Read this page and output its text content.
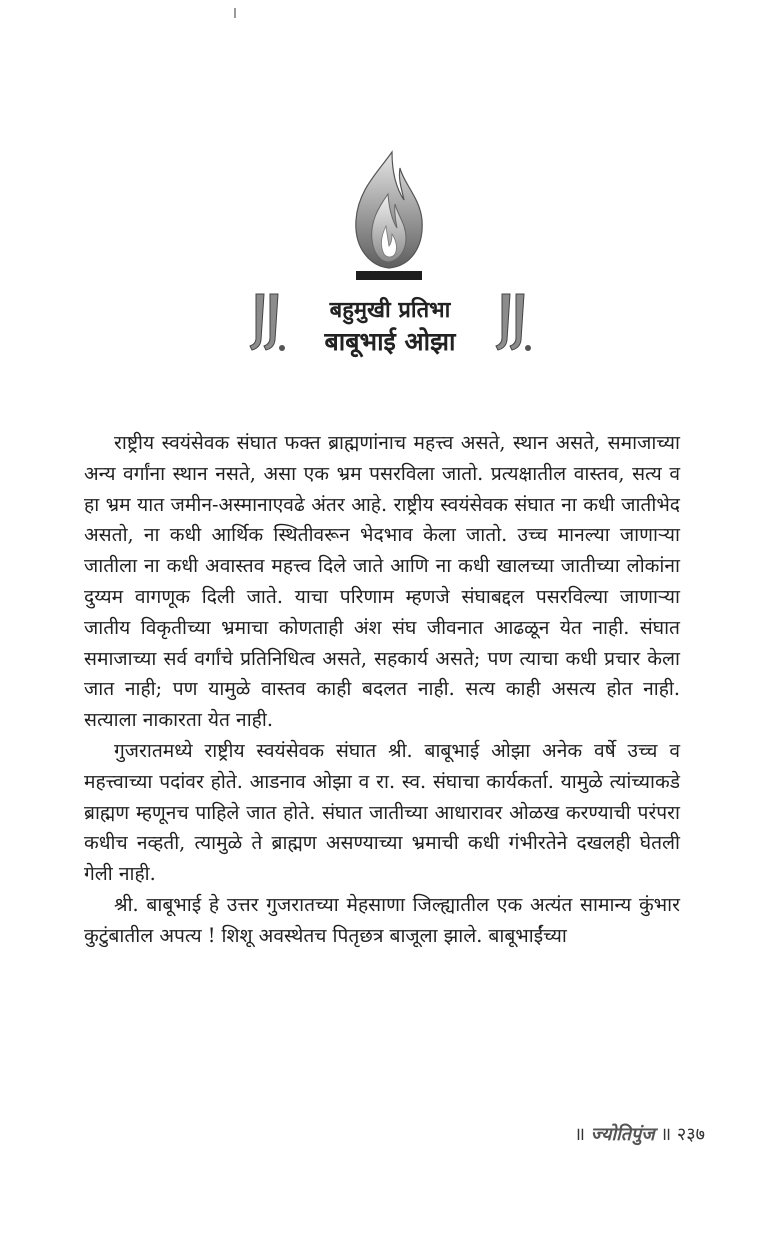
बहुमुखी प्रतिभा
बाबूभाई ओझा

राष्ट्रीय स्वयंसेवक संघात फक्त ब्राह्मणांनाच महत्त्व असते, स्थान असते, समाजाच्या अन्य वर्गांना स्थान नसते, असा एक भ्रम पसरविला जातो. प्रत्यक्षातील वास्तव, सत्य व हा भ्रम यात जमीन-अस्मानाएवढे अंतर आहे. राष्ट्रीय स्वयंसेवक संघात ना कधी जातीभेद असतो, ना कधी आर्थिक स्थितीवरून भेदभाव केला जातो. उच्च मानल्या जाणाऱ्या जातीला ना कधी अवास्तव महत्त्व दिले जाते आणि ना कधी खालच्या जातीच्या लोकांना दुय्यम वागणूक दिली जाते. याचा परिणाम म्हणजे संघाबद्दल पसरविल्या जाणाऱ्या जातीय विकृतीच्या भ्रमाचा कोणताही अंश संघ जीवनात आढळून येत नाही. संघात समाजाच्या सर्व वर्गांचे प्रतिनिधित्व असते, सहकार्य असते; पण त्याचा कधी प्रचार केला जात नाही; पण यामुळे वास्तव काही बदलत नाही. सत्य काही असत्य होत नाही. सत्याला नाकारता येत नाही.

गुजरातमध्ये राष्ट्रीय स्वयंसेवक संघात श्री. बाबूभाई ओझा अनेक वर्षे उच्च व महत्त्वाच्या पदांवर होते. आडनाव ओझा व रा. स्व. संघाचा कार्यकर्ता. यामुळे त्यांच्याकडे ब्राह्मण म्हणूनच पाहिले जात होते. संघात जातीच्या आधारावर ओळख करण्याची परंपरा कधीच नव्हती, त्यामुळे ते ब्राह्मण असण्याच्या भ्रमाची कधी गंभीरतेने दखलही घेतली गेली नाही.

श्री. बाबूभाई हे उत्तर गुजरातच्या मेहसाणा जिल्ह्यातील एक अत्यंत सामान्य कुंभार कुटुंबातील अपत्य ! शिशू अवस्थेतच पितृछत्र बाजूला झाले. बाबूभाईंच्या

॥ ज्योतिपुंज ॥ २३७
